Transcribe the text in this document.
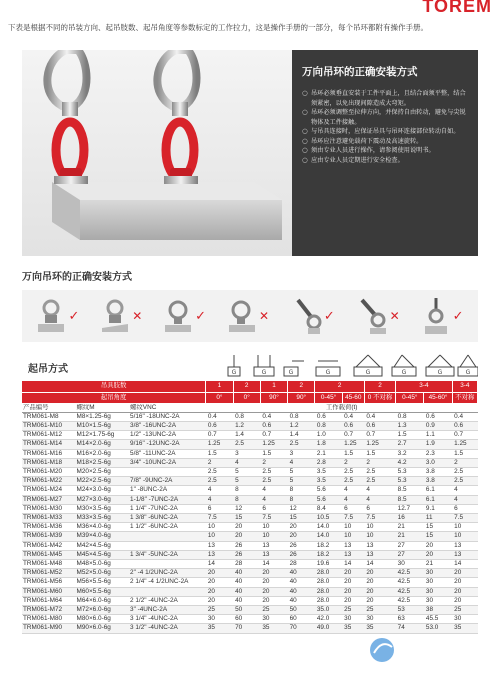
TOREM
下表是根据不同的吊装方向、起吊肢数、起吊角度等参数标定的工作拉力，这是操作手册的一部分，每个吊环都附有操作手册。
万向吊环的正确安装方式
○ 吊环必须垂直安装于工件平面上，且结合面须平整，结合须紧密，以免出现间隙造成大弯矩。
○ 吊环必须调整至拉伸方向，并保持自由转动，避免与尖锐物体及工件接触。
○ 与吊具连接时，应保证吊具与吊环连接部位转动自如。
○ 吊环应注意避免载荷下震动及高速旋转。
○ 须由专业人员进行操作，请参阅使用说明书。
○ 应由专业人员定期进行安全检查。
万向吊环的正确安装方式
✓	✕	✓	✕	✓	✕	✓
起吊方式	G	G	G	G	G	G	G	G
吊具肢数			1	2	1	2	2		2	3-4		3-4
起吊角度			0°	0°	90°	90°	0-45°	45-60	0 不对称	0-45°	45-60°	不对称
产品编号	螺纹M	螺纹VNC	工作载荷(t)									
TRM061-M8	M8×1.25-6g	5/16" -18UNC-2A	0.4	0.8	0.4	0.8	0.6	0.4	0.4	0.8	0.6	0.4
TRM061-M10	M10×1.5-6g	3/8" -16UNC-2A	0.6	1.2	0.6	1.2	0.8	0.6	0.6	1.3	0.9	0.6
TRM061-M12	M12×1.75-6g	1/2" -13UNC-2A	0.7	1.4	0.7	1.4	1.0	0.7	0.7	1.5	1.1	0.7
TRM061-M14	M14×2.0-6g	9/16" -12UNC-2A	1.25	2.5	1.25	2.5	1.8	1.25	1.25	2.7	1.9	1.25
TRM061-M16	M16×2.0-6g	5/8" -11UNC-2A	1.5	3	1.5	3	2.1	1.5	1.5	3.2	2.3	1.5
TRM061-M18	M18×2.5-6g	3/4" -10UNC-2A	2	4	2	4	2.8	2	2	4.2	3.0	2
TRM061-M20	M20×2.5-6g		2.5	5	2.5	5	3.5	2.5	2.5	5.3	3.8	2.5
TRM061-M22	M22×2.5-6g	7/8" -9UNC-2A	2.5	5	2.5	5	3.5	2.5	2.5	5.3	3.8	2.5
TRM061-M24	M24×3.0-6g	1" -8UNC-2A	4	8	4	8	5.6	4	4	8.5	6.1	4
TRM061-M27	M27×3.0-6g	1-1/8" -7UNC-2A	4	8	4	8	5.6	4	4	8.5	6.1	4
TRM061-M30	M30×3.5-6g	1 1/4" -7UNC-2A	6	12	6	12	8.4	6	6	12.7	9.1	6
TRM061-M33	M33×3.5-6g	1 3/8" -6UNC-2A	7.5	15	7.5	15	10.5	7.5	7.5	16	11	7.5
TRM061-M36	M36×4.0-6g	1 1/2" -6UNC-2A	10	20	10	20	14.0	10	10	21	15	10
TRM061-M39	M39×4.0-6g		10	20	10	20	14.0	10	10	21	15	10
TRM061-M42	M42×4.5-6g		13	26	13	26	18.2	13	13	27	20	13
TRM061-M45	M45×4.5-6g	1 3/4" -5UNC-2A	13	26	13	26	18.2	13	13	27	20	13
TRM061-M48	M48×5.0-6g		14	28	14	28	19.6	14	14	30	21	14
TRM061-M52	M52×5.0-6g	2" -4 1/2UNC-2A	20	40	20	40	28.0	20	20	42.5	30	20
TRM061-M56	M56×5.5-6g	2 1/4" -4 1/2UNC-2A	20	40	20	40	28.0	20	20	42.5	30	20
TRM061-M60	M60×5.5-6g		20	40	20	40	28.0	20	20	42.5	30	20
TRM061-M64	M64×6.0-6g	2 1/2" -4UNC-2A	20	40	20	40	28.0	20	20	42.5	30	20
TRM061-M72	M72×6.0-6g	3" -4UNC-2A	25	50	25	50	35.0	25	25	53	38	25
TRM061-M80	M80×6.0-6g	3 1/4" -4UNC-2A	30	60	30	60	42.0	30	30	63	45.5	30
TRM061-M90	M90×6.0-6g	3 1/2" -4UNC-2A	35	70	35	70	49.0	35	35	74	53.0	35
